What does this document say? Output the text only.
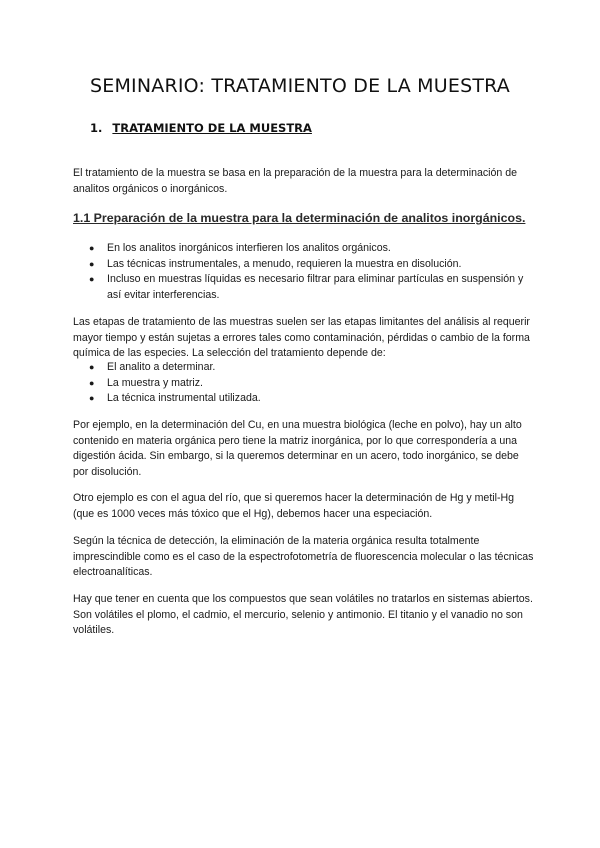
SEMINARIO: TRATAMIENTO DE LA MUESTRA
1. TRATAMIENTO DE LA MUESTRA

El tratamiento de la muestra se basa en la preparación de la muestra para la determinación de analitos orgánicos o inorgánicos.

1.1 Preparación de la muestra para la determinación de analitos inorgánicos.
● En los analitos inorgánicos interfieren los analitos orgánicos.
● Las técnicas instrumentales, a menudo, requieren la muestra en disolución.
● Incluso en muestras líquidas es necesario filtrar para eliminar partículas en suspensión y así evitar interferencias.

Las etapas de tratamiento de las muestras suelen ser las etapas limitantes del análisis al requerir mayor tiempo y están sujetas a errores tales como contaminación, pérdidas o cambio de la forma química de las especies. La selección del tratamiento depende de:

● El analito a determinar.
● La muestra y matriz.
● La técnica instrumental utilizada.

Por ejemplo, en la determinación del Cu, en una muestra biológica (leche en polvo), hay un alto contenido en materia orgánica pero tiene la matriz inorgánica, por lo que correspondería a una digestión ácida. Sin embargo, si la queremos determinar en un acero, todo inorgánico, se debe por disolución.

Otro ejemplo es con el agua del río, que si queremos hacer la determinación de Hg y metil-Hg (que es 1000 veces más tóxico que el Hg), debemos hacer una especiación.

Según la técnica de detección, la eliminación de la materia orgánica resulta totalmente imprescindible como es el caso de la espectrofotometría de fluorescencia molecular o las técnicas electroanalíticas.

Hay que tener en cuenta que los compuestos que sean volátiles no tratarlos en sistemas abiertos. Son volátiles el plomo, el cadmio, el mercurio, selenio y antimonio. El titanio y el vanadio no son volátiles.
